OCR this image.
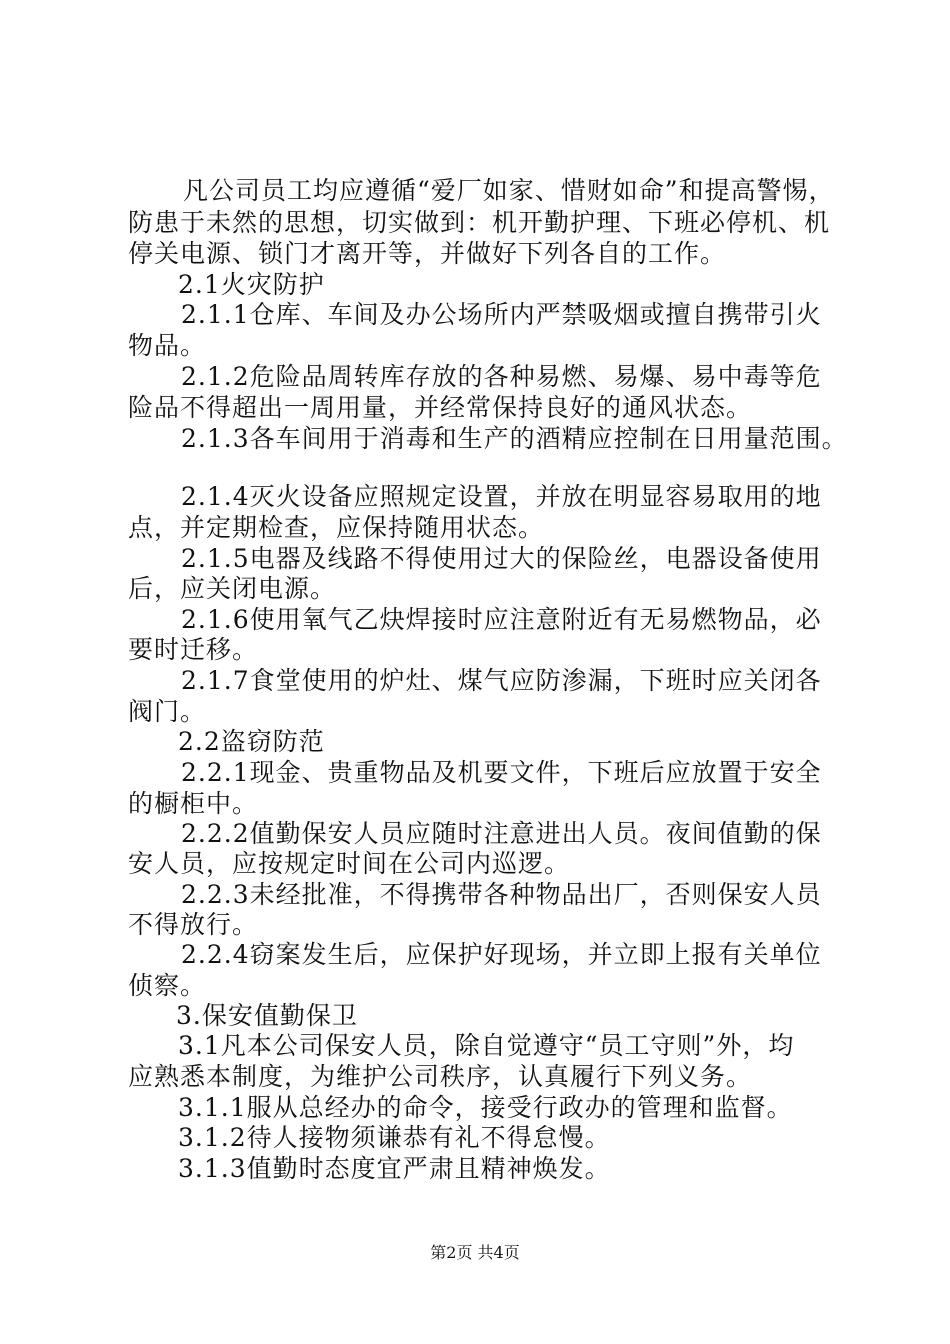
凡公司员工均应遵循“爱厂如家、惜财如命”和提高警惕，
防患于未然的思想，切实做到：机开勤护理、下班必停机、机
停关电源、锁门才离开等，并做好下列各自的工作。
2.1火灾防护
2.1.1仓库、车间及办公场所内严禁吸烟或擅自携带引火
物品。
2.1.2危险品周转库存放的各种易燃、易爆、易中毒等危
险品不得超出一周用量，并经常保持良好的通风状态。
2.1.3各车间用于消毒和生产的酒精应控制在日用量范围。
2.1.4灭火设备应照规定设置，并放在明显容易取用的地
点，并定期检查，应保持随用状态。
2.1.5电器及线路不得使用过大的保险丝，电器设备使用
后，应关闭电源。
2.1.6使用氧气乙炔焊接时应注意附近有无易燃物品，必
要时迁移。
2.1.7食堂使用的炉灶、煤气应防渗漏，下班时应关闭各
阀门。
2.2盗窃防范
2.2.1现金、贵重物品及机要文件，下班后应放置于安全
的橱柜中。
2.2.2值勤保安人员应随时注意进出人员。夜间值勤的保
安人员，应按规定时间在公司内巡逻。
2.2.3未经批准，不得携带各种物品出厂，否则保安人员
不得放行。
2.2.4窃案发生后，应保护好现场，并立即上报有关单位
侦察。
3.保安值勤保卫
3.1凡本公司保安人员，除自觉遵守“员工守则”外，均
应熟悉本制度，为维护公司秩序，认真履行下列义务。
3.1.1服从总经办的命令，接受行政办的管理和监督。
3.1.2待人接物须谦恭有礼不得怠慢。
3.1.3值勤时态度宜严肃且精神焕发。
第2页 共4页
